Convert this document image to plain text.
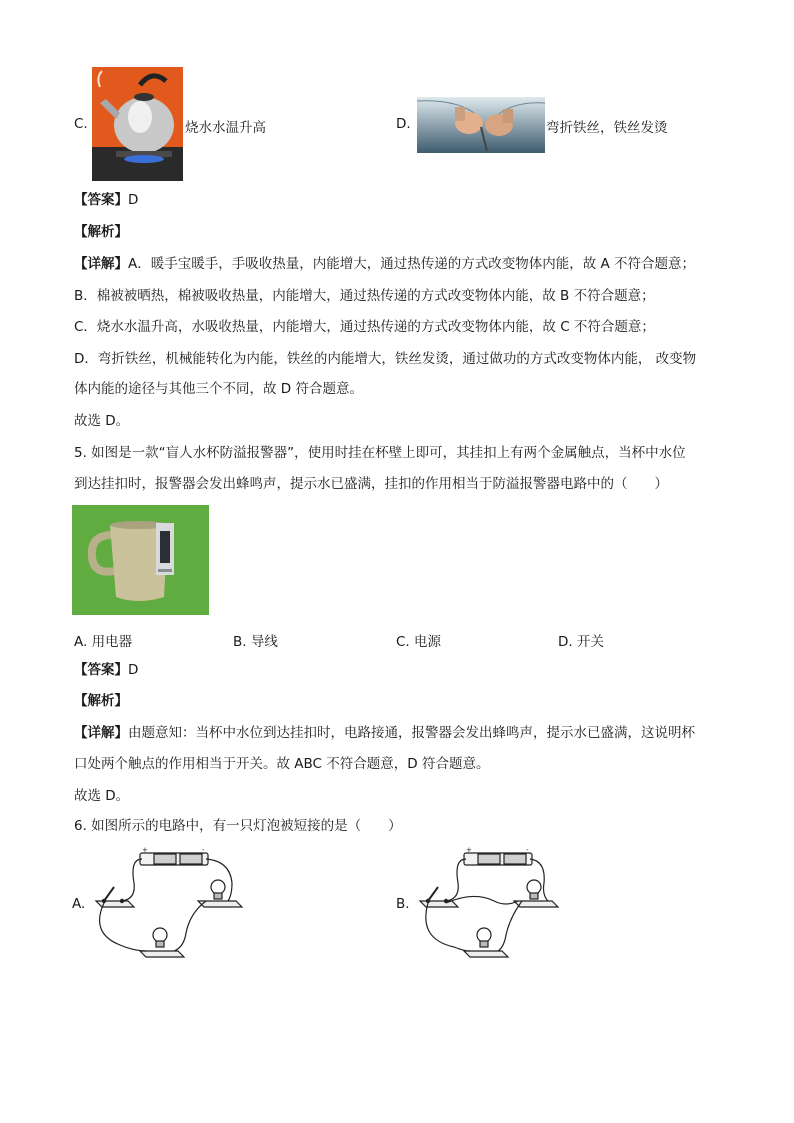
C.	烧水水温升高	D.	弯折铁丝，铁丝发烫
【答案】D
【解析】
【详解】A．暖手宝暖手，手吸收热量，内能增大，通过热传递的方式改变物体内能，故 A 不符合题意；
B．棉被被晒热，棉被吸收热量，内能增大，通过热传递的方式改变物体内能，故 B 不符合题意；
C．烧水水温升高，水吸收热量，内能增大，通过热传递的方式改变物体内能，故 C 不符合题意；
D．弯折铁丝，机械能转化为内能，铁丝的内能增大，铁丝发烫，通过做功的方式改变物体内能， 改变物
体内能的途径与其他三个不同，故 D 符合题意。
故选 D。
5. 如图是一款“盲人水杯防溢报警器”，使用时挂在杯壁上即可，其挂扣上有两个金属触点，当杯中水位
到达挂扣时，报警器会发出蜂鸣声，提示水已盛满，挂扣的作用相当于防溢报警器电路中的（　　）
A. 用电器	B. 导线	C. 电源	D. 开关
【答案】D
【解析】
【详解】由题意知：当杯中水位到达挂扣时，电路接通，报警器会发出蜂鸣声，提示水已盛满，这说明杯
口处两个触点的作用相当于开关。故 ABC 不符合题意，D 符合题意。
故选 D。
6. 如图所示的电路中，有一只灯泡被短接的是（　　）
A.
+	-
B.
+	-
